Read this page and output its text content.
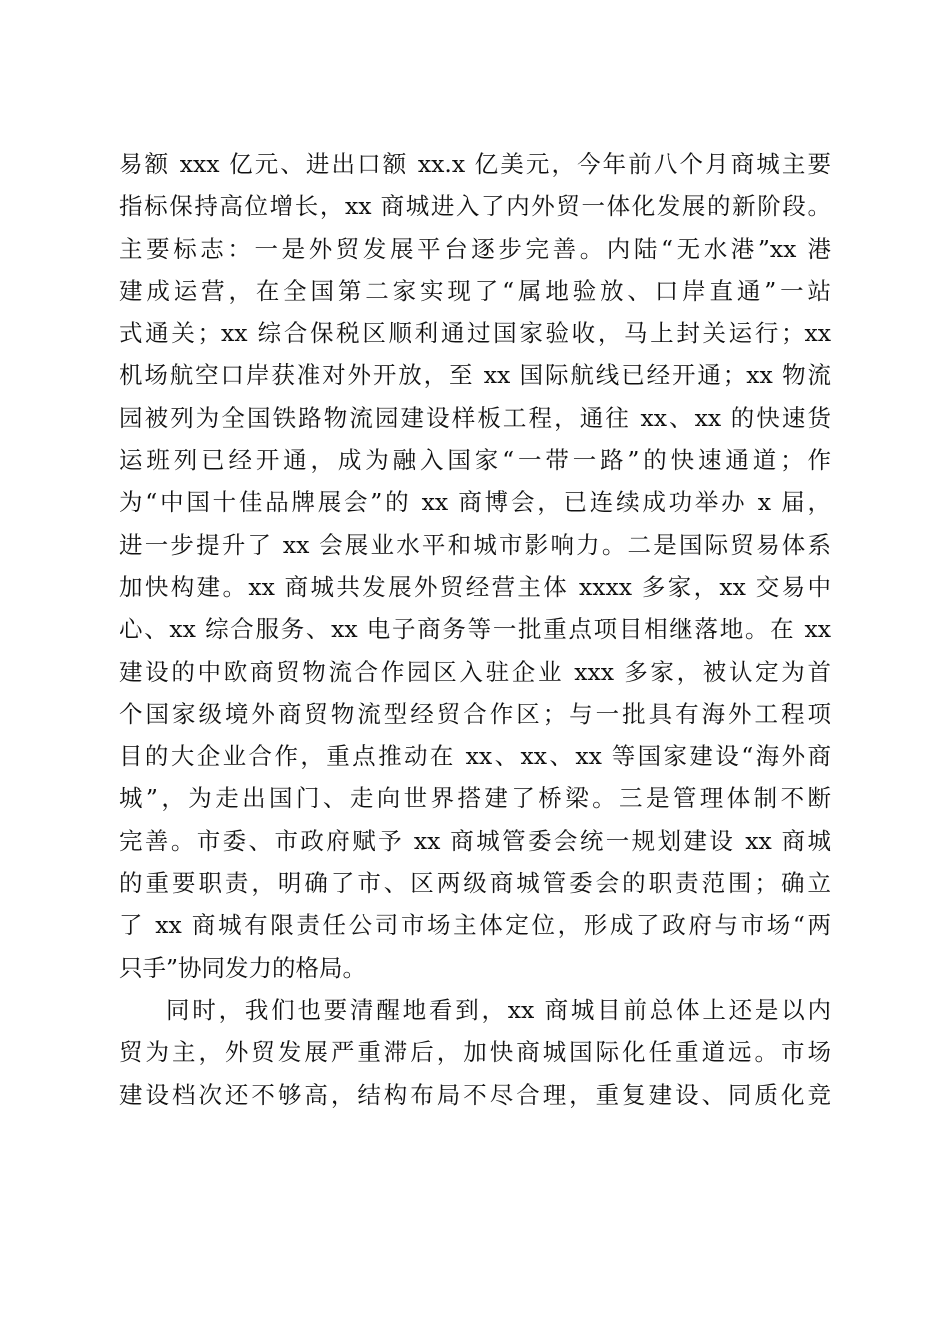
易额 xxx 亿元、进出口额 xx.x 亿美元，今年前八个月商城主要
指标保持高位增长，xx 商城进入了内外贸一体化发展的新阶段。
主要标志：一是外贸发展平台逐步完善。内陆“无水港”xx 港
建成运营，在全国第二家实现了“属地验放、口岸直通”一站
式通关；xx 综合保税区顺利通过国家验收，马上封关运行；xx
机场航空口岸获准对外开放，至 xx 国际航线已经开通；xx 物流
园被列为全国铁路物流园建设样板工程，通往 xx、xx 的快速货
运班列已经开通，成为融入国家“一带一路”的快速通道；作
为“中国十佳品牌展会”的 xx 商博会，已连续成功举办 x 届，
进一步提升了 xx 会展业水平和城市影响力。二是国际贸易体系
加快构建。xx 商城共发展外贸经营主体 xxxx 多家，xx 交易中
心、xx 综合服务、xx 电子商务等一批重点项目相继落地。在 xx
建设的中欧商贸物流合作园区入驻企业 xxx 多家，被认定为首
个国家级境外商贸物流型经贸合作区；与一批具有海外工程项
目的大企业合作，重点推动在 xx、xx、xx 等国家建设“海外商
城”，为走出国门、走向世界搭建了桥梁。三是管理体制不断
完善。市委、市政府赋予 xx 商城管委会统一规划建设 xx 商城
的重要职责，明确了市、区两级商城管委会的职责范围；确立
了 xx 商城有限责任公司市场主体定位，形成了政府与市场“两
只手”协同发力的格局。
同时，我们也要清醒地看到，xx 商城目前总体上还是以内
贸为主，外贸发展严重滞后，加快商城国际化任重道远。市场
建设档次还不够高，结构布局不尽合理，重复建设、同质化竞
